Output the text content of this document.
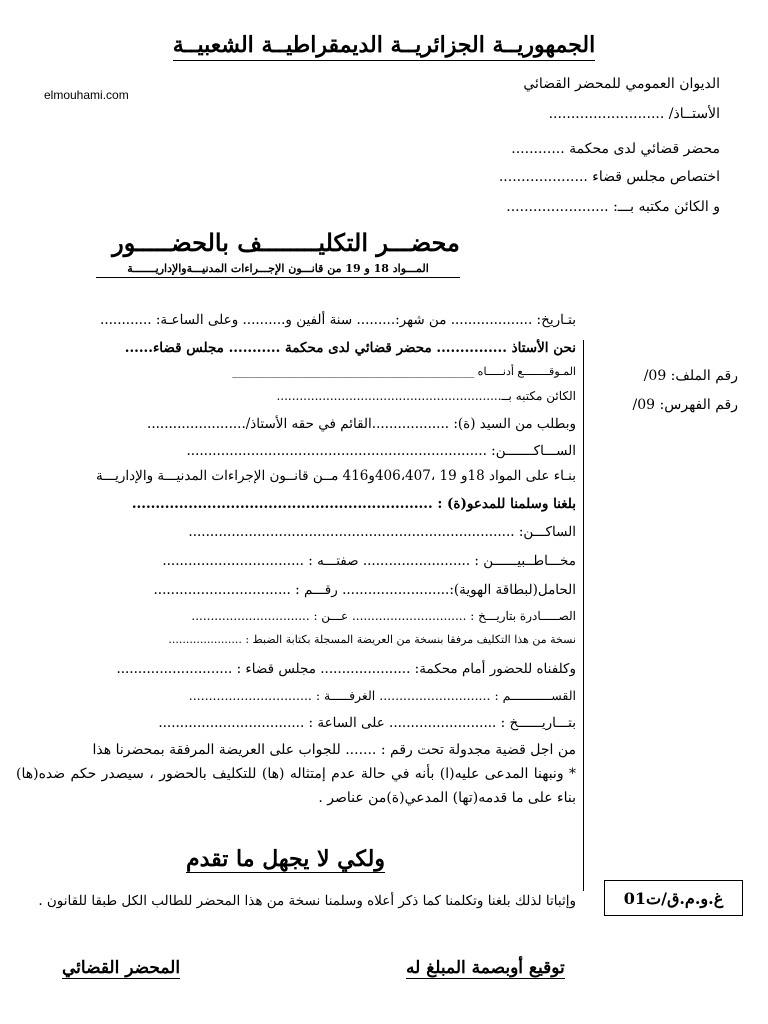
الجمهوريــة الجزائريــة الديمقراطيــة الشعبيــة
elmouhami.com
الديوان العمومي للمحضر القضائي
الأستــاذ/ ..........................
محضر قضائي لدى محكمة ............
اختصاص مجلس قضاء ....................
و الكائن مكتبه بـــ: .......................
محضـــر التكليــــــــف بالحضـــــور
المـــواد 18 و 19 من قانـــون الإجـــراءات المدنيـــةوالإداريـــــــة
رقم الملف: 09/
رقم الفهرس: 09/
بتـاريخ: ................... من شهر:......... سنة ألفين و.......... وعلى الساعـة: ............
نحن الأستاذ ............... محضر قضائي لدى محكمة ........... مجلس قضاء......
المـوقــــــــع أدنـــــاه ____________________________________________
الكائن مكتبه بــ...........................................................
وبطلب من السيد (ة): ..................القائم في حقه الأستاذ/.......................
الســـاكـــــــن: ......................................................................
بنـاء على المواد 18و 19 ،406،407و416 مــن قانــون الإجراءات المدنيـــة والإداريـــة
بلغنا وسلمنا للمدعو(ة) : ................................................................
الساكـــن: ............................................................................
مخـــاطــبيــــــن : ......................... صفتـــه : .................................
الحامل(لبطاقة الهوية):......................... رقـــم : ................................
الصـــــادرة بتاريـــخ : .............................. عـــن : ...............................
نسخة من هذا التكليف مرفقا بنسخة من العريضة المسجلة بكتابة الضبط : .....................
وكلفناه للحضور أمام محكمة: ..................... مجلس قضاء : ...........................
القســـــــــــم : ............................ الغرفـــــة : ...............................
بتـــاريــــــخ : ......................... على الساعة : ..................................

من اجل قضية مجدولة تحت رقم : ....... للجواب على العريضة المرفقة بمحضرنا هذا

* ونبهنا المدعى عليه(ا) بأنه في حالة عدم إمتثاله (ها) للتكليف بالحضور ، سيصدر حكم ضده(ها) بناء على ما قدمه(تها) المدعي(ة)من عناصر .

ولكي لا يجهل ما تقدم
غ.و.م.ق/ت01
وإثباتا لذلك بلغنا وتكلمنا كما ذكر أعلاه وسلمنا نسخة من هذا المحضر للطالب الكل طبقا للقانون .
المحضر القضائي	توقيع أوبصمة المبلغ له
